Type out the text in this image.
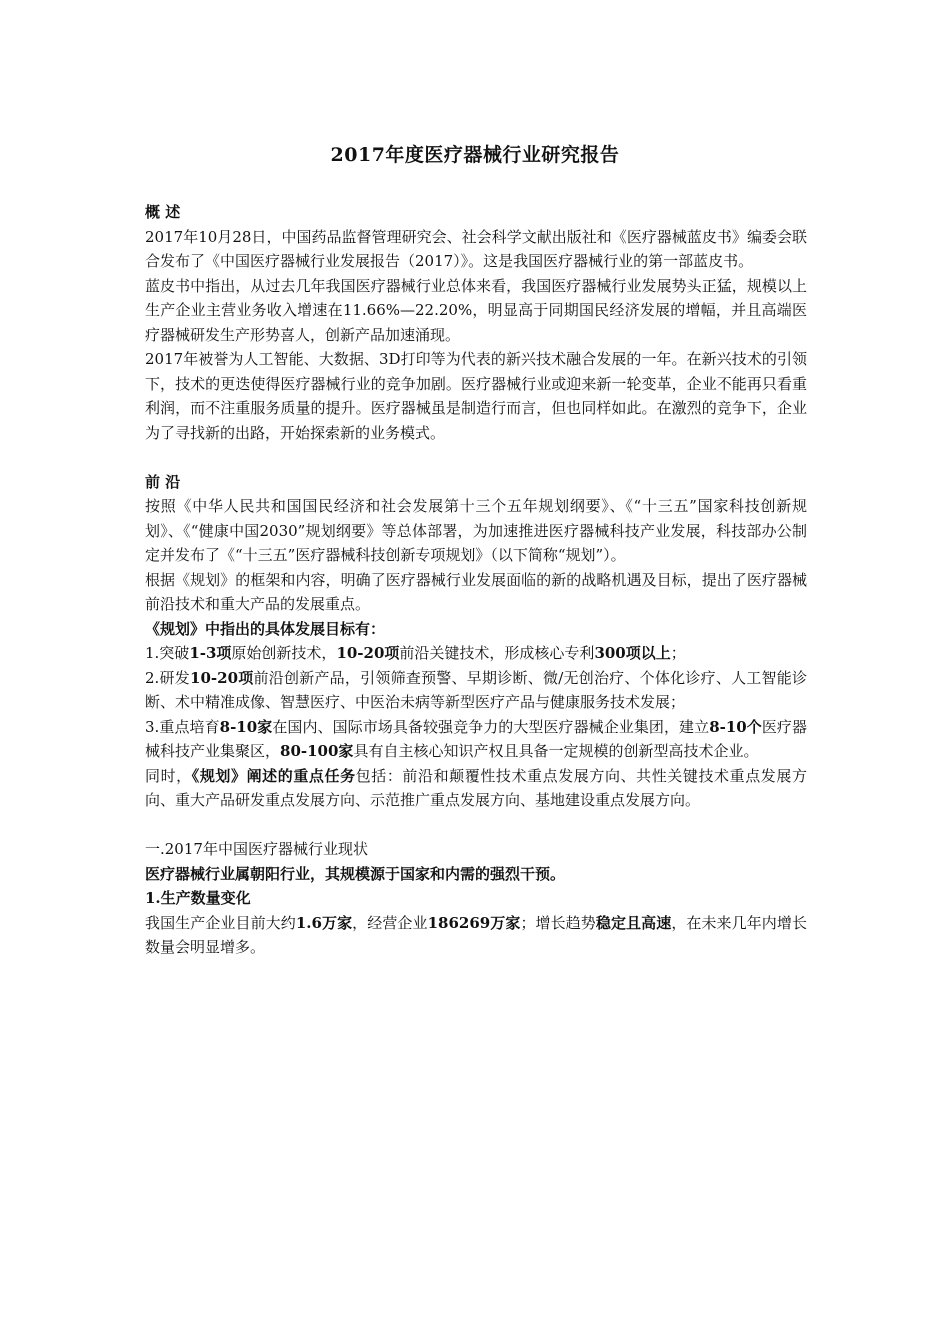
2017年度医疗器械行业研究报告

概 述

2017年10月28日，中国药品监督管理研究会、社会科学文献出版社和《医疗器械蓝皮书》编委会联合发布了《中国医疗器械行业发展报告（2017）》。这是我国医疗器械行业的第一部蓝皮书。

蓝皮书中指出，从过去几年我国医疗器械行业总体来看，我国医疗器械行业发展势头正猛，规模以上生产企业主营业务收入增速在11.66%—22.20%，明显高于同期国民经济发展的增幅，并且高端医疗器械研发生产形势喜人，创新产品加速涌现。

2017年被誉为人工智能、大数据、3D打印等为代表的新兴技术融合发展的一年。在新兴技术的引领下，技术的更迭使得医疗器械行业的竞争加剧。医疗器械行业或迎来新一轮变革，企业不能再只看重利润，而不注重服务质量的提升。医疗器械虽是制造行而言，但也同样如此。在激烈的竞争下，企业为了寻找新的出路，开始探索新的业务模式。

前 沿

按照《中华人民共和国国民经济和社会发展第十三个五年规划纲要》、《“十三五”国家科技创新规划》、《“健康中国2030”规划纲要》等总体部署，为加速推进医疗器械科技产业发展，科技部办公制定并发布了《“十三五”医疗器械科技创新专项规划》（以下简称“规划”）。

根据《规划》的框架和内容，明确了医疗器械行业发展面临的新的战略机遇及目标，提出了医疗器械前沿技术和重大产品的发展重点。

《规划》中指出的具体发展目标有：

1.突破1-3项原始创新技术，10-20项前沿关键技术，形成核心专利300项以上；

2.研发10-20项前沿创新产品，引领筛查预警、早期诊断、微/无创治疗、个体化诊疗、人工智能诊断、术中精准成像、智慧医疗、中医治未病等新型医疗产品与健康服务技术发展；

3.重点培育8-10家在国内、国际市场具备较强竞争力的大型医疗器械企业集团，建立8-10个医疗器械科技产业集聚区，80-100家具有自主核心知识产权且具备一定规模的创新型高技术企业。

同时，《规划》阐述的重点任务包括：前沿和颠覆性技术重点发展方向、共性关键技术重点发展方向、重大产品研发重点发展方向、示范推广重点发展方向、基地建设重点发展方向。

一.2017年中国医疗器械行业现状

医疗器械行业属朝阳行业，其规模源于国家和内需的强烈干预。

1.生产数量变化

我国生产企业目前大约1.6万家，经营企业186269万家；增长趋势稳定且高速，在未来几年内增长数量会明显增多。
